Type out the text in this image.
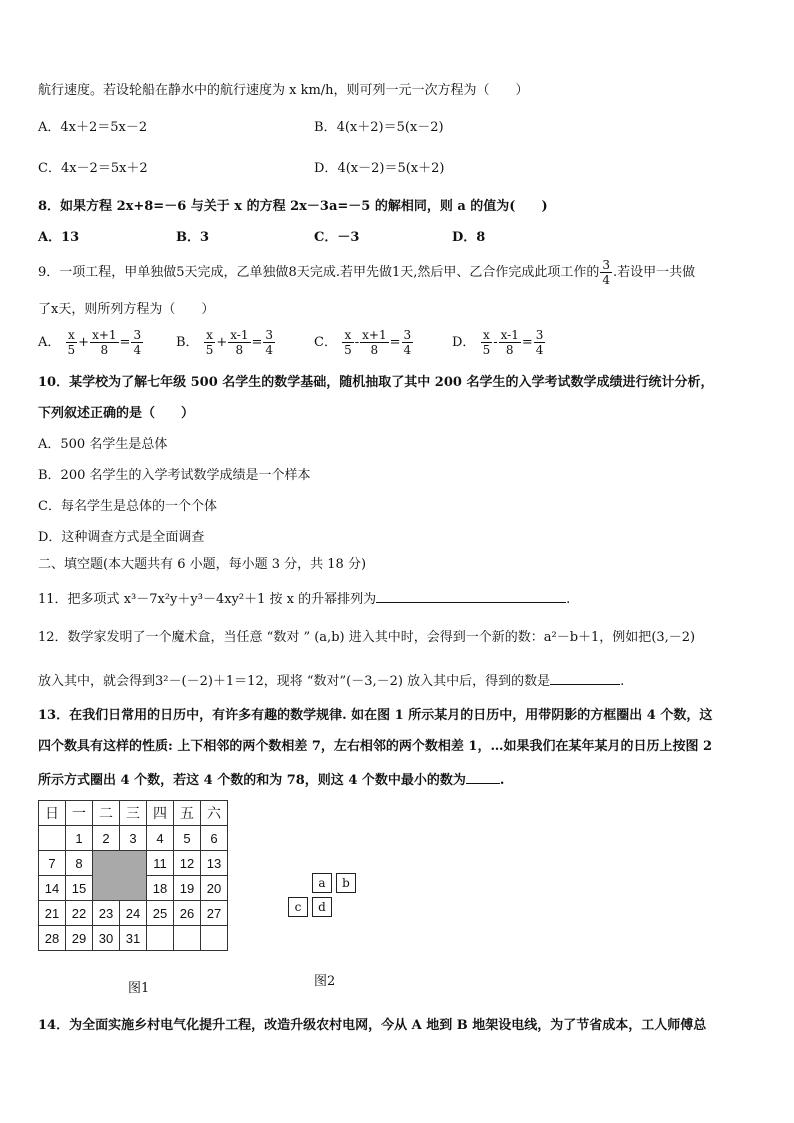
航行速度。若设轮船在静水中的航行速度为 x km/h，则可列一元一次方程为（　　）
A．4x＋2＝5x－2	B．4(x＋2)＝5(x－2)
C．4x－2＝5x＋2	D．4(x－2)＝5(x＋2)
8．如果方程 2x+8=－6 与关于 x 的方程 2x－3a=－5 的解相同，则 a 的值为(　　)
A．13	B．3	C．－3	D．8
9．一项工程，甲单独做5天完成，乙单独做8天完成.若甲先做1天,然后甲、乙合作完成此项工作的 $\frac{3}{4}$ .若设甲一共做
了x天，则所列方程为（　　）
A． $\frac{x}{5} + \frac{x+1}{8} = \frac{3}{4}$	B． $\frac{x}{5} + \frac{x-1}{8} = \frac{3}{4}$	C． $\frac{x}{5} - \frac{x+1}{8} = \frac{3}{4}$	D． $\frac{x}{5} - \frac{x-1}{8} = \frac{3}{4}$
10．某学校为了解七年级 500 名学生的数学基础，随机抽取了其中 200 名学生的入学考试数学成绩进行统计分析，
下列叙述正确的是（　　）
A．500 名学生是总体
B．200 名学生的入学考试数学成绩是一个样本
C．每名学生是总体的一个个体
D．这种调查方式是全面调查
二、填空题(本大题共有 6 小题，每小题 3 分，共 18 分)
11．把多项式 x³－7x²y＋y³－4xy²＋1 按 x 的升幂排列为	.
12．数学家发明了一个魔术盒，当任意 “数对 ” (a,b) 进入其中时，会得到一个新的数：a²－b＋1，例如把(3,－2)
放入其中，就会得到3²－(－2)＋1＝12，现将 “数对”(－3,－2) 放入其中后，得到的数是	.
13．在我们日常用的日历中，有许多有趣的数学规律. 如在图 1 所示某月的日历中，用带阴影的方框圈出 4 个数，这
四个数具有这样的性质: 上下相邻的两个数相差 7，左右相邻的两个数相差 1，…如果我们在某年某月的日历上按图 2
所示方式圈出 4 个数，若这 4 个数的和为 78，则这 4 个数中最小的数为	.
日	一	二	三	四	五	六
	1	2	3	4	5	6
7	8			11	12	13
14	15			18	19	20
21	22	23	24	25	26	27
28	29	30	31			
图1
a	b
c	d
图2
14．为全面实施乡村电气化提升工程，改造升级农村电网，今从 A 地到 B 地架设电线，为了节省成本，工人师傅总
